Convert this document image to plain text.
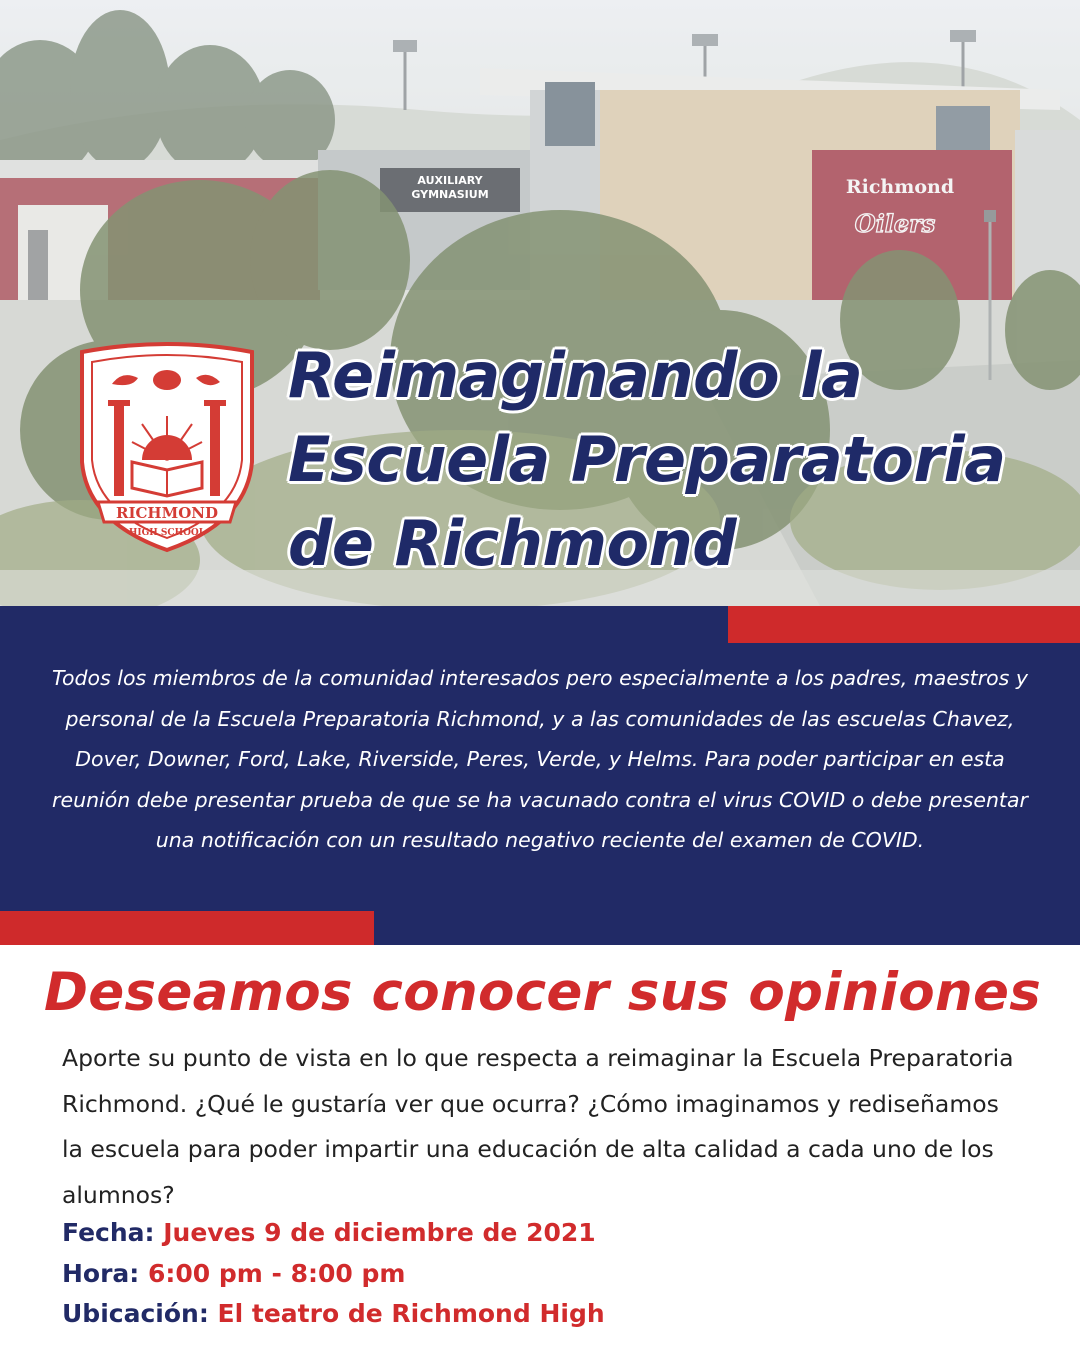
AUXILIARY
GYMNASIUM	Richmond
Oilers
RICHMOND
HIGH SCHOOL
Reimaginando la
Escuela Preparatoria
de Richmond

Todos los miembros de la comunidad interesados pero especialmente a los padres, maestros y personal de la Escuela Preparatoria Richmond, y a las comunidades de las escuelas Chavez, Dover, Downer, Ford, Lake, Riverside, Peres, Verde, y Helms. Para poder participar en esta reunión debe presentar prueba de que se ha vacunado contra el virus COVID o debe presentar una notificación con un resultado negativo reciente del examen de COVID.

Deseamos conocer sus opiniones

Aporte su punto de vista en lo que respecta a reimaginar la Escuela Preparatoria Richmond. ¿Qué le gustaría ver que ocurra? ¿Cómo imaginamos y rediseñamos la escuela para poder impartir una educación de alta calidad a cada uno de los alumnos?

Fecha: Jueves 9 de diciembre de 2021

Hora: 6:00 pm - 8:00 pm

Ubicación: El teatro de Richmond High
